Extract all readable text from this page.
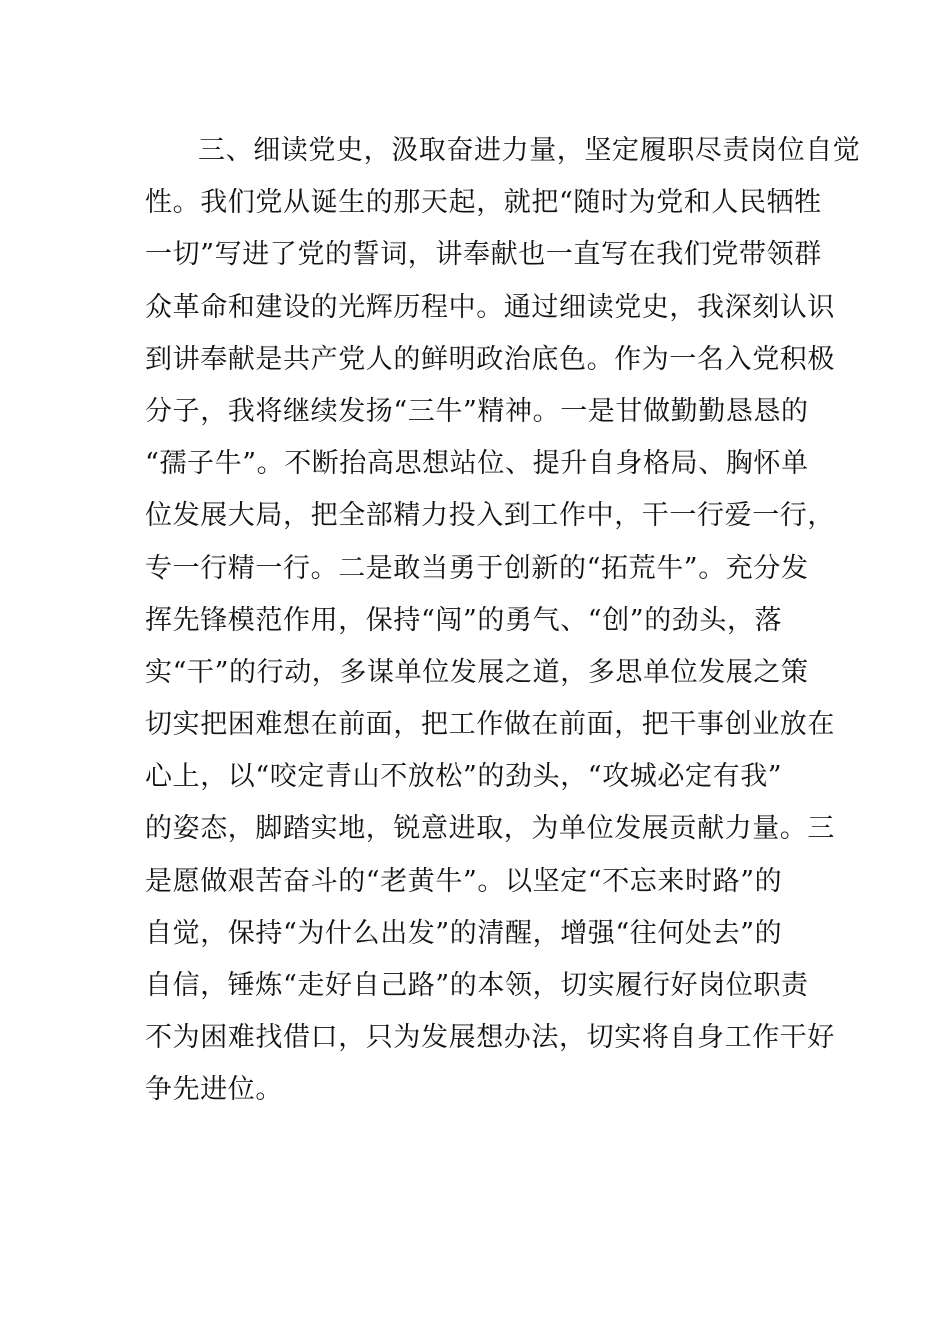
三、细读党史，汲取奋进力量，坚定履职尽责岗位自觉
性。我们党从诞生的那天起，就把“随时为党和人民牺牲
一切”写进了党的誓词，讲奉献也一直写在我们党带领群
众革命和建设的光辉历程中。通过细读党史，我深刻认识
到讲奉献是共产党人的鲜明政治底色。作为一名入党积极
分子，我将继续发扬“三牛”精神。一是甘做勤勤恳恳的
“孺子牛”。不断抬高思想站位、提升自身格局、胸怀单
位发展大局，把全部精力投入到工作中，干一行爱一行，
专一行精一行。二是敢当勇于创新的“拓荒牛”。充分发
挥先锋模范作用，保持“闯”的勇气、“创”的劲头，落
实“干”的行动，多谋单位发展之道，多思单位发展之策
切实把困难想在前面，把工作做在前面，把干事创业放在
心上，以“咬定青山不放松”的劲头，“攻城必定有我”
的姿态，脚踏实地，锐意进取，为单位发展贡献力量。三
是愿做艰苦奋斗的“老黄牛”。以坚定“不忘来时路”的
自觉，保持“为什么出发”的清醒，增强“往何处去”的
自信，锤炼“走好自己路”的本领，切实履行好岗位职责
不为困难找借口，只为发展想办法，切实将自身工作干好
争先进位。
